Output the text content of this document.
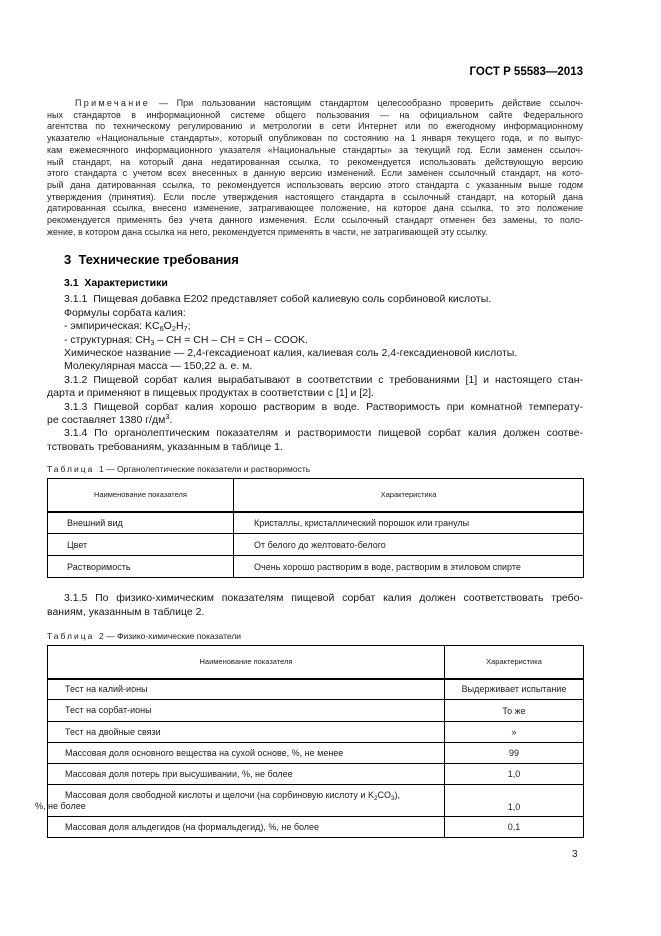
ГОСТ Р 55583—2013
Примечание — При пользовании настоящим стандартом целесообразно проверить действие ссылоч-
ных стандартов в информационной системе общего пользования — на официальном сайте Федерального
агентства по техническому регулированию и метрологии в сети Интернет или по ежегодному информационному
указателю «Национальные стандарты», который опубликован по состоянию на 1 января текущего года, и по выпус-
кам ежемесячного информационного указателя «Национальные стандарты» за текущий год. Если заменен ссылоч-
ный стандарт, на который дана недатированная ссылка, то рекомендуется использовать действующую версию
этого стандарта с учетом всех внесенных в данную версию изменений. Если заменен ссылочный стандарт, на кото-
рый дана датированная ссылка, то рекомендуется использовать версию этого стандарта с указанным выше годом
утверждения (принятия). Если после утверждения настоящего стандарта в ссылочный стандарт, на который дана
датированная ссылка, внесено изменение, затрагивающее положение, на которое дана ссылка, то это положение
рекомендуется применять без учета данного изменения. Если ссылочный стандарт отменен без замены, то поло-
жение, в котором дана ссылка на него, рекомендуется применять в части, не затрагивающей эту ссылку.
3  Технические требования
3.1  Характеристики
3.1.1  Пищевая добавка Е202 представляет собой калиевую соль сорбиновой кислоты.
Формулы сорбата калия:
- эмпирическая: $KC_6O_2H_7$;
- структурная: $CH_3$ – CH = CH – CH = CH – COOK.
Химическое название — 2,4-гексадиеноат калия, калиевая соль 2,4-гексадиеновой кислоты.
Молекулярная масса — 150,22 а. е. м.
3.1.2 Пищевой сорбат калия вырабатывают в соответствии с требованиями [1] и настоящего стан-
дарта и применяют в пищевых продуктах в соответствии с [1] и [2].
3.1.3 Пищевой сорбат калия хорошо растворим в воде. Растворимость при комнатной температу-
ре составляет 1380 $г/дм^3$.
3.1.4 По органолептическим показателям и растворимости пищевой сорбат калия должен соотве-
тствовать требованиям, указанным в таблице 1.
Таблица  1 — Органолептические показатели и растворимость
Наименование показателя	Характеристика
Внешний вид	Кристаллы, кристаллический порошок или гранулы
Цвет	От белого до желтовато-белого
Растворимость	Очень хорошо растворим в воде, растворим в этиловом спирте
3.1.5 По физико-химическим показателям пищевой сорбат калия должен соответствовать требо-
ваниям, указанным в таблице 2.
Таблица  2 — Физико-химические показатели
Наименование показателя	Характеристика
Тест на калий-ионы	Выдерживает испытание
Тест на сорбат-ионы	То же
Тест на двойные связи	»
Массовая доля основного вещества на сухой основе, %, не менее	99
Массовая доля потерь при высушивании, %, не более	1,0
Массовая доля свободной кислоты и щелочи (на сорбиновую кислоту и $K_2CO_3$),
%, не более	1,0
Массовая доля альдегидов (на формальдегид), %, не более	0,1
3
